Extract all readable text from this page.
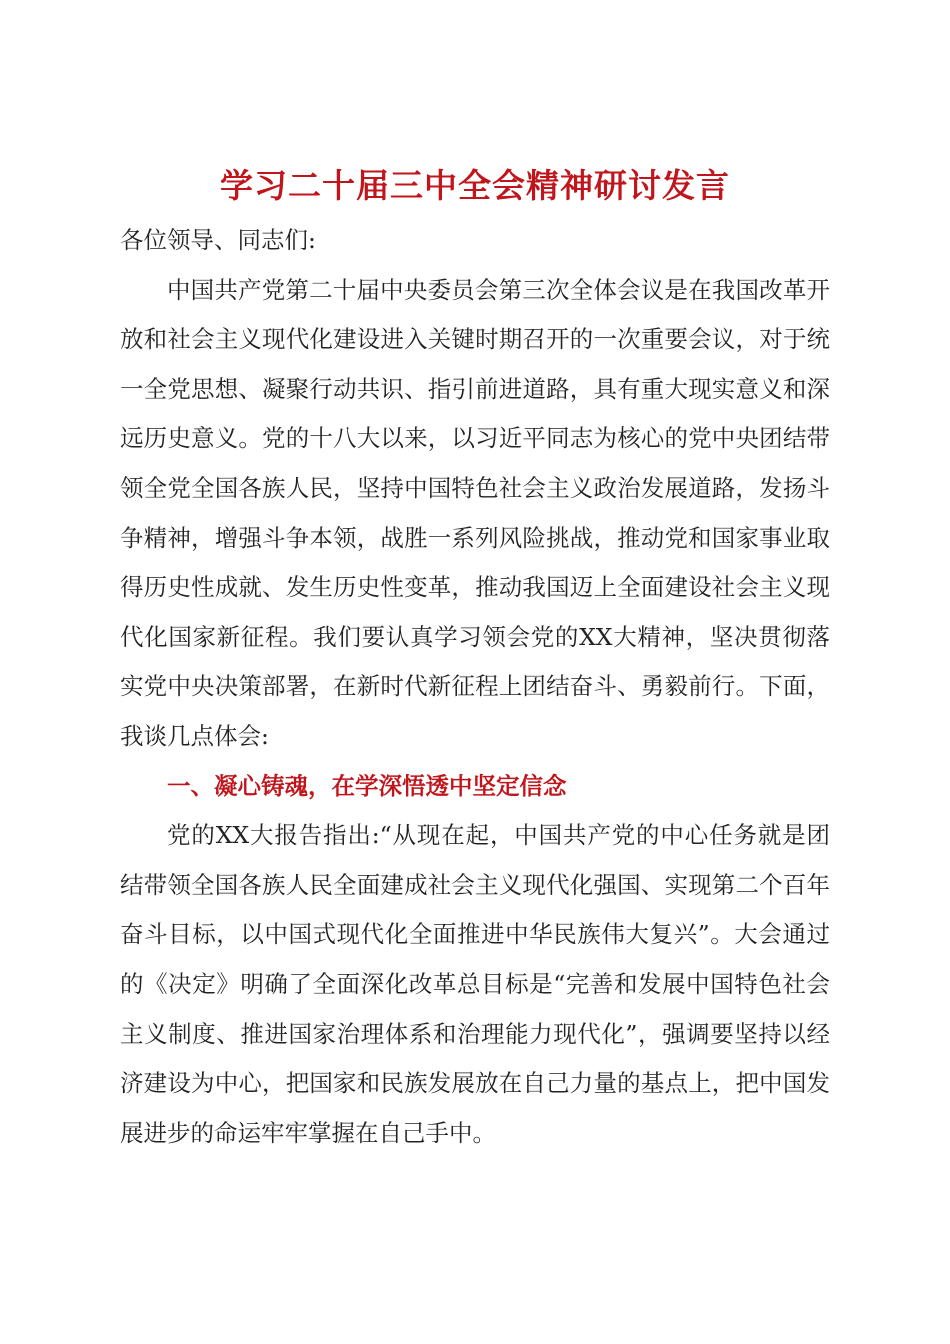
学习二十届三中全会精神研讨发言

各位领导、同志们:

中国共产党第二十届中央委员会第三次全体会议是在我国改革开放和社会主义现代化建设进入关键时期召开的一次重要会议，对于统一全党思想、凝聚行动共识、指引前进道路，具有重大现实意义和深远历史意义。党的十八大以来，以习近平同志为核心的党中央团结带领全党全国各族人民，坚持中国特色社会主义政治发展道路，发扬斗争精神，增强斗争本领，战胜一系列风险挑战，推动党和国家事业取得历史性成就、发生历史性变革，推动我国迈上全面建设社会主义现代化国家新征程。我们要认真学习领会党的XX大精神，坚决贯彻落实党中央决策部署，在新时代新征程上团结奋斗、勇毅前行。下面，我谈几点体会:

一、凝心铸魂，在学深悟透中坚定信念

党的XX大报告指出:“从现在起，中国共产党的中心任务就是团结带领全国各族人民全面建成社会主义现代化强国、实现第二个百年奋斗目标，以中国式现代化全面推进中华民族伟大复兴”。大会通过的《决定》明确了全面深化改革总目标是“完善和发展中国特色社会主义制度、推进国家治理体系和治理能力现代化”，强调要坚持以经济建设为中心，把国家和民族发展放在自己力量的基点上，把中国发展进步的命运牢牢掌握在自己手中。
